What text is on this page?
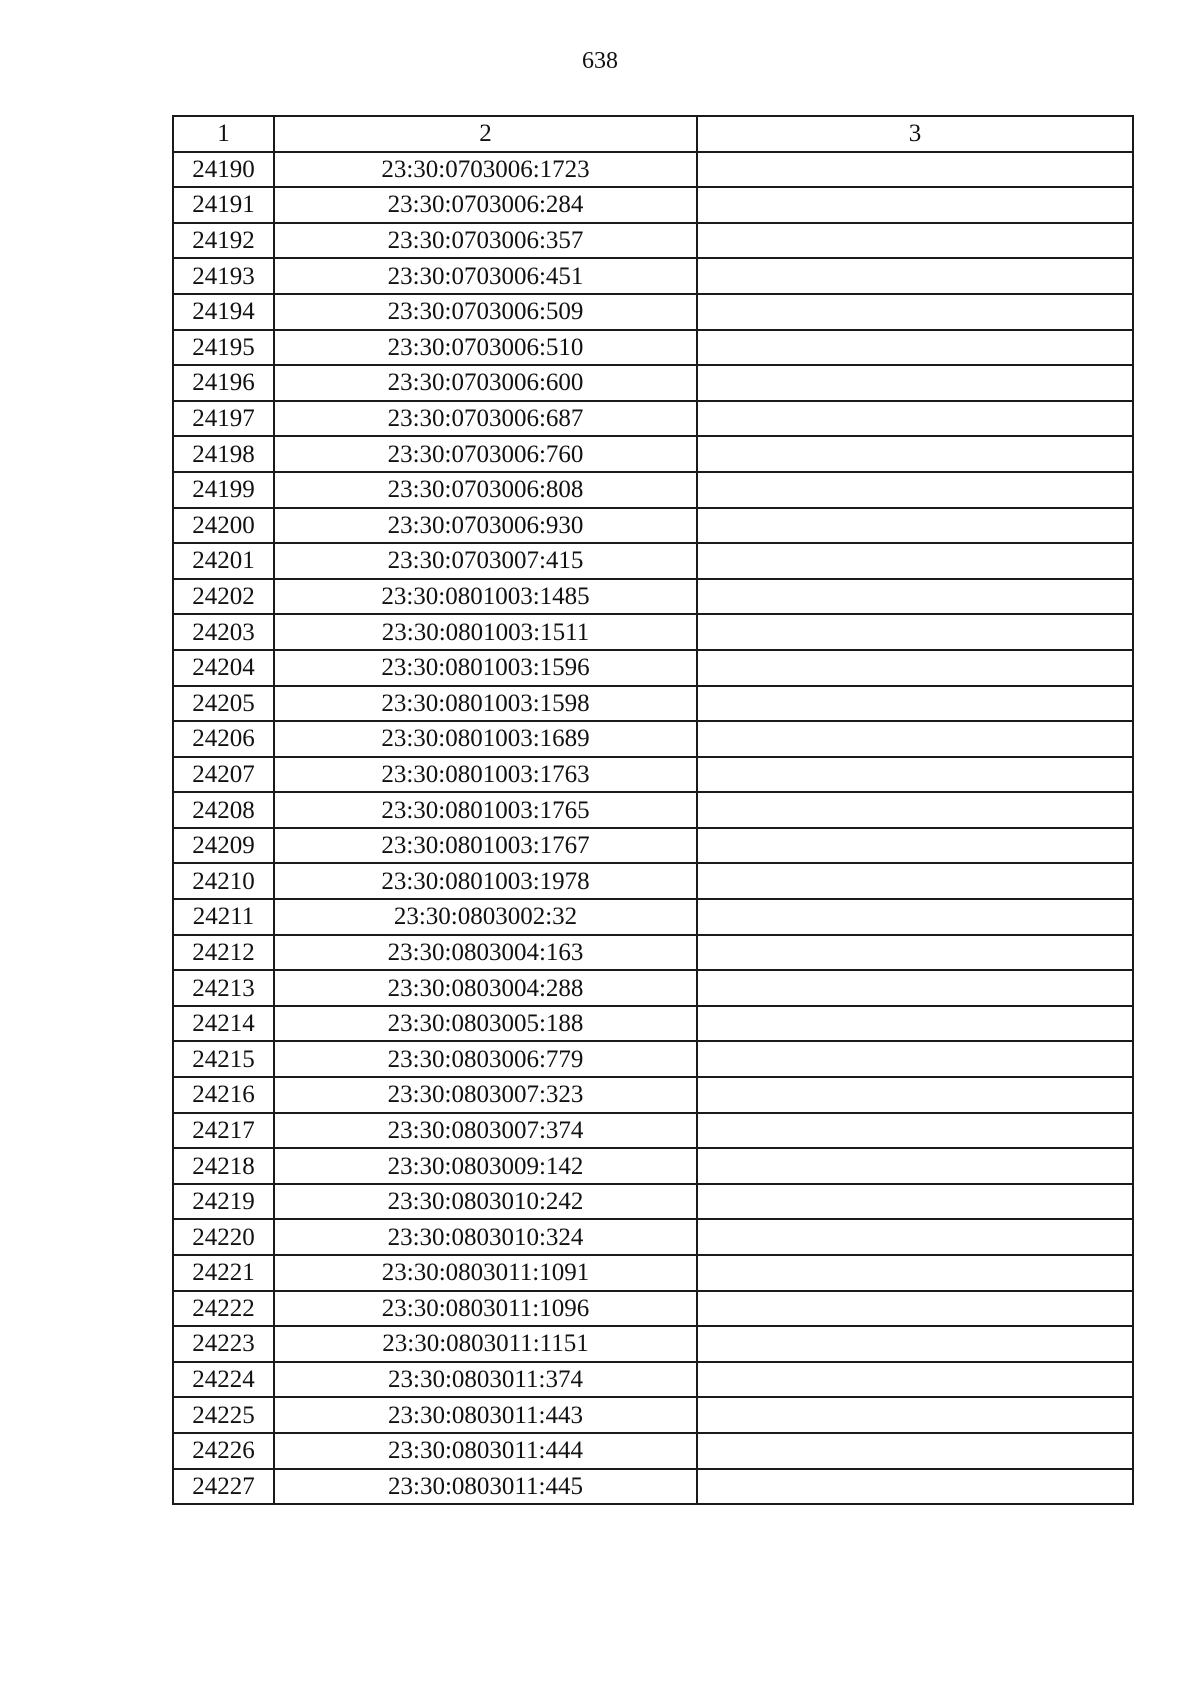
638
1	2	3
24190	23:30:0703006:1723	
24191	23:30:0703006:284	
24192	23:30:0703006:357	
24193	23:30:0703006:451	
24194	23:30:0703006:509	
24195	23:30:0703006:510	
24196	23:30:0703006:600	
24197	23:30:0703006:687	
24198	23:30:0703006:760	
24199	23:30:0703006:808	
24200	23:30:0703006:930	
24201	23:30:0703007:415	
24202	23:30:0801003:1485	
24203	23:30:0801003:1511	
24204	23:30:0801003:1596	
24205	23:30:0801003:1598	
24206	23:30:0801003:1689	
24207	23:30:0801003:1763	
24208	23:30:0801003:1765	
24209	23:30:0801003:1767	
24210	23:30:0801003:1978	
24211	23:30:0803002:32	
24212	23:30:0803004:163	
24213	23:30:0803004:288	
24214	23:30:0803005:188	
24215	23:30:0803006:779	
24216	23:30:0803007:323	
24217	23:30:0803007:374	
24218	23:30:0803009:142	
24219	23:30:0803010:242	
24220	23:30:0803010:324	
24221	23:30:0803011:1091	
24222	23:30:0803011:1096	
24223	23:30:0803011:1151	
24224	23:30:0803011:374	
24225	23:30:0803011:443	
24226	23:30:0803011:444	
24227	23:30:0803011:445	
